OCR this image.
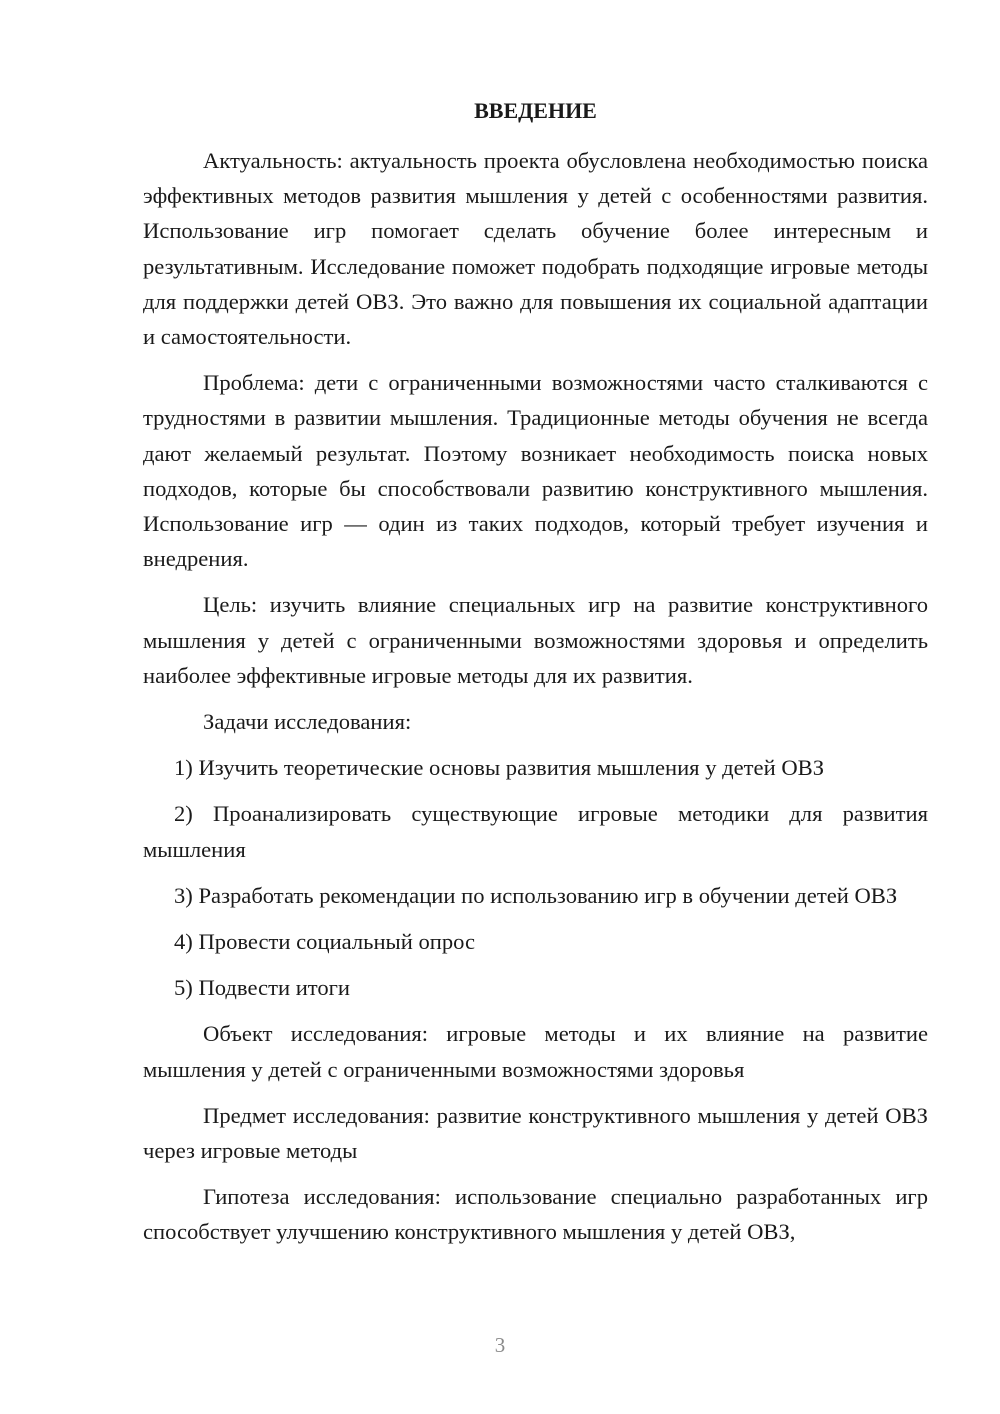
ВВЕДЕНИЕ

Актуальность: актуальность проекта обусловлена необходимостью поиска эффективных методов развития мышления у детей с особенностями развития. Использование игр помогает сделать обучение более интересным и результативным. Исследование поможет подобрать подходящие игровые методы для поддержки детей ОВЗ. Это важно для повышения их социальной адаптации и самостоятельности.

Проблема: дети с ограниченными возможностями часто сталкиваются с трудностями в развитии мышления. Традиционные методы обучения не всегда дают желаемый результат. Поэтому возникает необходимость поиска новых подходов, которые бы способствовали развитию конструктивного мышления. Использование игр — один из таких подходов, который требует изучения и внедрения.

Цель: изучить влияние специальных игр на развитие конструктивного мышления у детей с ограниченными возможностями здоровья и определить наиболее эффективные игровые методы для их развития.

Задачи исследования:

1) Изучить теоретические основы развития мышления у детей ОВЗ

2) Проанализировать существующие игровые методики для развития мышления

3) Разработать рекомендации по использованию игр в обучении детей ОВЗ

4) Провести социальный опрос

5) Подвести итоги

Объект исследования: игровые методы и их влияние на развитие мышления у детей с ограниченными возможностями здоровья

Предмет исследования: развитие конструктивного мышления у детей ОВЗ через игровые методы

Гипотеза исследования: использование специально разработанных игр способствует улучшению конструктивного мышления у детей ОВЗ,

3
